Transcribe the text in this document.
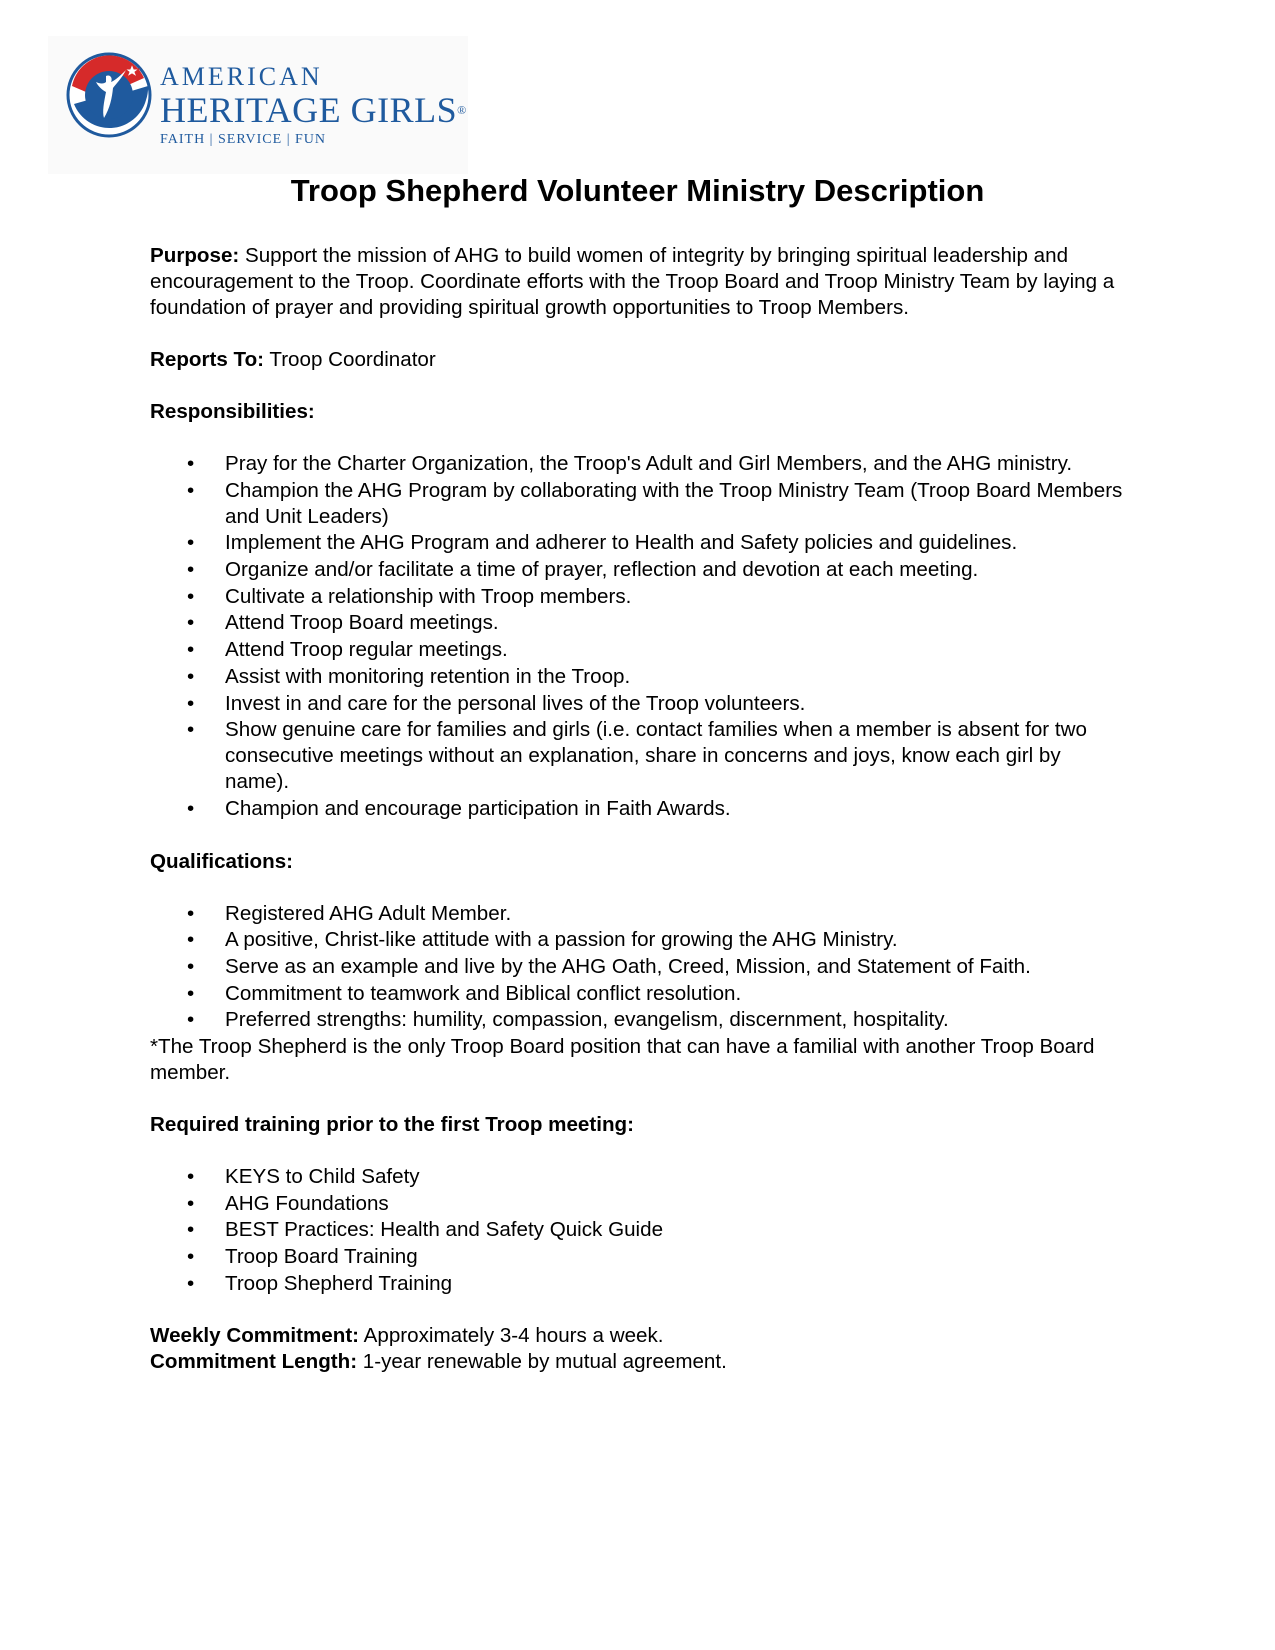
AMERICAN
HERITAGE GIRLS®
FAITH | SERVICE | FUN
Troop Shepherd Volunteer Ministry Description

Purpose: Support the mission of AHG to build women of integrity by bringing spiritual leadership and encouragement to the Troop. Coordinate efforts with the Troop Board and Troop Ministry Team by laying a foundation of prayer and providing spiritual growth opportunities to Troop Members.

Reports To: Troop Coordinator

Responsibilities:

• Pray for the Charter Organization, the Troop's Adult and Girl Members, and the AHG ministry.
• Champion the AHG Program by collaborating with the Troop Ministry Team (Troop Board Members and Unit Leaders)
• Implement the AHG Program and adherer to Health and Safety policies and guidelines.
• Organize and/or facilitate a time of prayer, reflection and devotion at each meeting.
• Cultivate a relationship with Troop members.
• Attend Troop Board meetings.
• Attend Troop regular meetings.
• Assist with monitoring retention in the Troop.
• Invest in and care for the personal lives of the Troop volunteers.
• Show genuine care for families and girls (i.e. contact families when a member is absent for two consecutive meetings without an explanation, share in concerns and joys, know each girl by name).
• Champion and encourage participation in Faith Awards.

Qualifications:

• Registered AHG Adult Member.
• A positive, Christ-like attitude with a passion for growing the AHG Ministry.
• Serve as an example and live by the AHG Oath, Creed, Mission, and Statement of Faith.
• Commitment to teamwork and Biblical conflict resolution.
• Preferred strengths: humility, compassion, evangelism, discernment, hospitality.

*The Troop Shepherd is the only Troop Board position that can have a familial with another Troop Board member.

Required training prior to the first Troop meeting:

• KEYS to Child Safety
• AHG Foundations
• BEST Practices: Health and Safety Quick Guide
• Troop Board Training
• Troop Shepherd Training

Weekly Commitment: Approximately 3-4 hours a week.

Commitment Length: 1-year renewable by mutual agreement.
